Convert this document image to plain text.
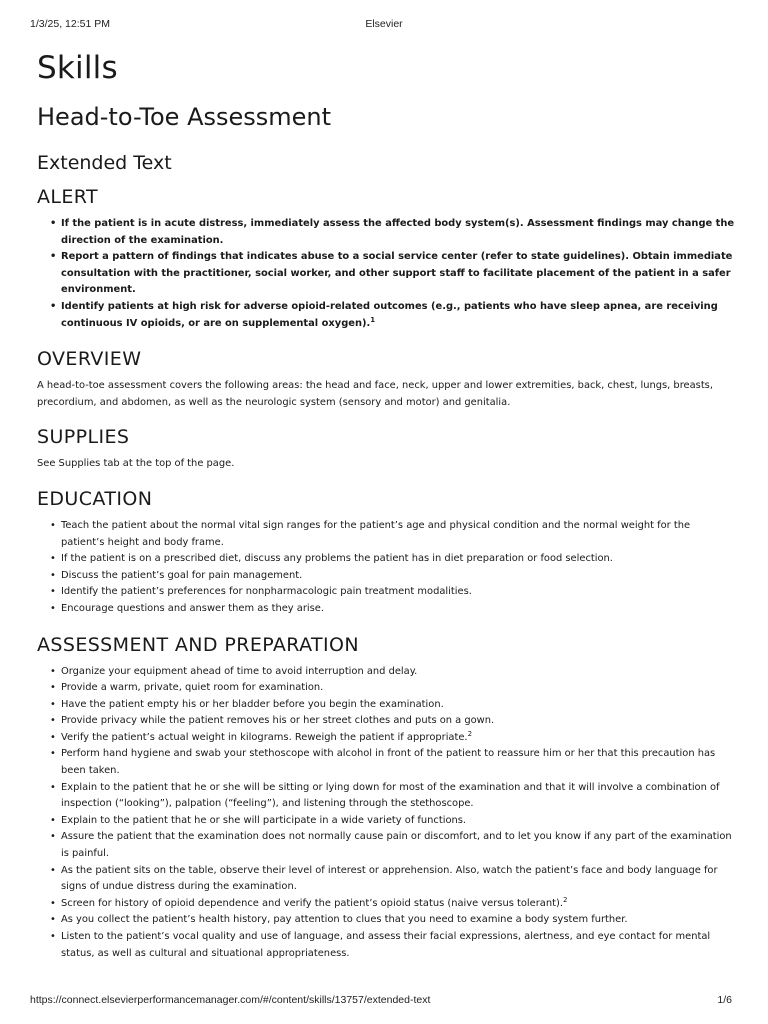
1/3/25, 12:51 PM	Elsevier
Skills
Head-to-Toe Assessment
Extended Text
ALERT
• If the patient is in acute distress, immediately assess the affected body system(s). Assessment findings may change the direction of the examination.
• Report a pattern of findings that indicates abuse to a social service center (refer to state guidelines). Obtain immediate consultation with the practitioner, social worker, and other support staff to facilitate placement of the patient in a safer environment.
• Identify patients at high risk for adverse opioid-related outcomes (e.g., patients who have sleep apnea, are receiving continuous IV opioids, or are on supplemental oxygen).$^1$
OVERVIEW

A head-to-toe assessment covers the following areas: the head and face, neck, upper and lower extremities, back, chest, lungs, breasts, precordium, and abdomen, as well as the neurologic system (sensory and motor) and genitalia.

SUPPLIES

See Supplies tab at the top of the page.

EDUCATION
• Teach the patient about the normal vital sign ranges for the patient’s age and physical condition and the normal weight for the patient’s height and body frame.
• If the patient is on a prescribed diet, discuss any problems the patient has in diet preparation or food selection.
• Discuss the patient’s goal for pain management.
• Identify the patient’s preferences for nonpharmacologic pain treatment modalities.
• Encourage questions and answer them as they arise.
ASSESSMENT AND PREPARATION
• Organize your equipment ahead of time to avoid interruption and delay.
• Provide a warm, private, quiet room for examination.
• Have the patient empty his or her bladder before you begin the examination.
• Provide privacy while the patient removes his or her street clothes and puts on a gown.
• Verify the patient’s actual weight in kilograms. Reweigh the patient if appropriate.$^2$
• Perform hand hygiene and swab your stethoscope with alcohol in front of the patient to reassure him or her that this precaution has been taken.
• Explain to the patient that he or she will be sitting or lying down for most of the examination and that it will involve a combination of inspection (“looking”), palpation (“feeling”), and listening through the stethoscope.
• Explain to the patient that he or she will participate in a wide variety of functions.
• Assure the patient that the examination does not normally cause pain or discomfort, and to let you know if any part of the examination is painful.
• As the patient sits on the table, observe their level of interest or apprehension. Also, watch the patient’s face and body language for signs of undue distress during the examination.
• Screen for history of opioid dependence and verify the patient’s opioid status (naive versus tolerant).$^2$
• As you collect the patient’s health history, pay attention to clues that you need to examine a body system further.
• Listen to the patient’s vocal quality and use of language, and assess their facial expressions, alertness, and eye contact for mental status, as well as cultural and situational appropriateness.
https://connect.elsevierperformancemanager.com/#/content/skills/13757/extended-text	1/6
